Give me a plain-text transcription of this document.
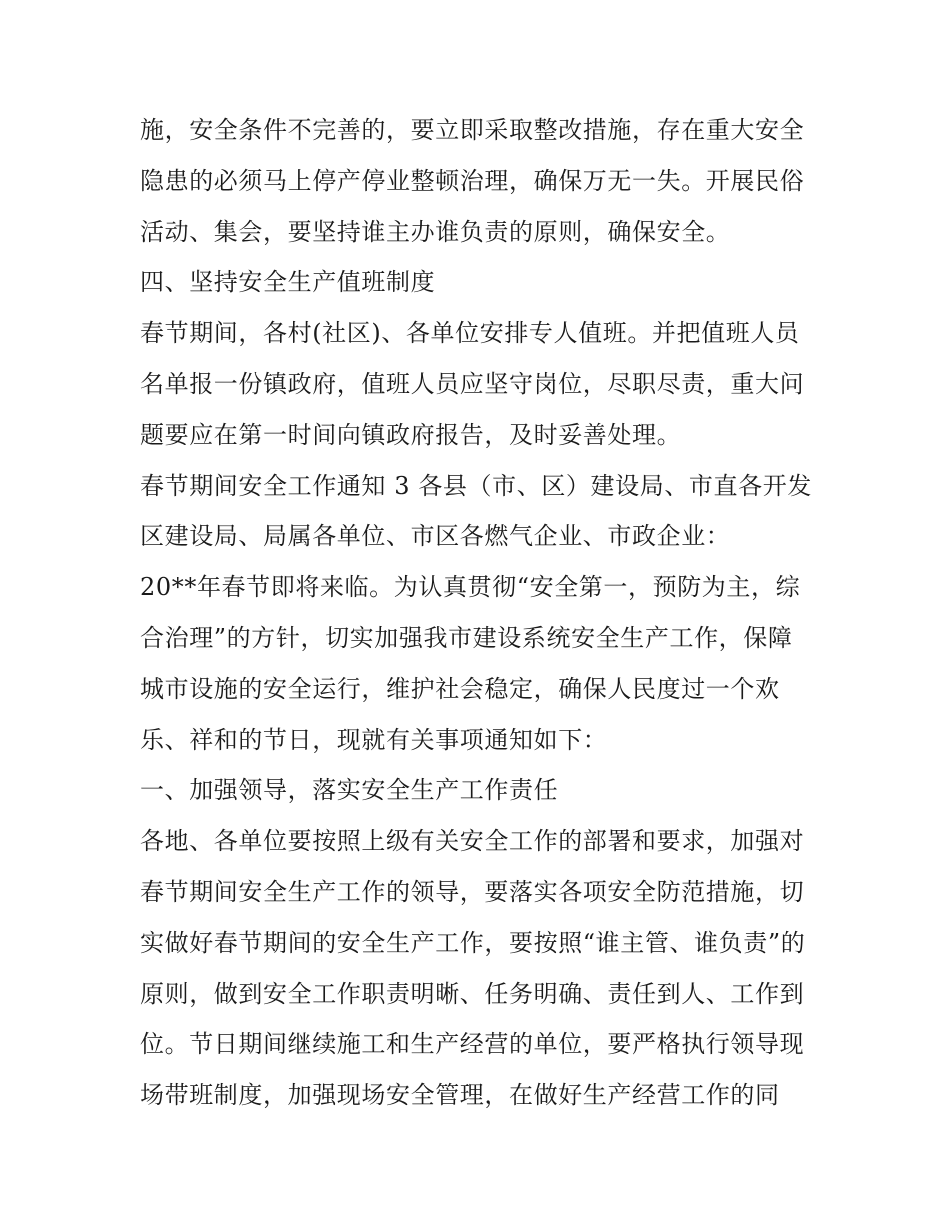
施，安全条件不完善的，要立即采取整改措施，存在重大安全
隐患的必须马上停产停业整顿治理，确保万无一失。开展民俗
活动、集会，要坚持谁主办谁负责的原则，确保安全。
四、坚持安全生产值班制度
春节期间，各村(社区)、各单位安排专人值班。并把值班人员
名单报一份镇政府，值班人员应坚守岗位，尽职尽责，重大问
题要应在第一时间向镇政府报告，及时妥善处理。
春节期间安全工作通知 3 各县（市、区）建设局、市直各开发
区建设局、局属各单位、市区各燃气企业、市政企业：
20**年春节即将来临。为认真贯彻“安全第一，预防为主，综
合治理”的方针，切实加强我市建设系统安全生产工作，保障
城市设施的安全运行，维护社会稳定，确保人民度过一个欢
乐、祥和的节日，现就有关事项通知如下：
一、加强领导，落实安全生产工作责任
各地、各单位要按照上级有关安全工作的部署和要求，加强对
春节期间安全生产工作的领导，要落实各项安全防范措施，切
实做好春节期间的安全生产工作，要按照“谁主管、谁负责”的
原则，做到安全工作职责明晰、任务明确、责任到人、工作到
位。节日期间继续施工和生产经营的单位，要严格执行领导现
场带班制度，加强现场安全管理，在做好生产经营工作的同
